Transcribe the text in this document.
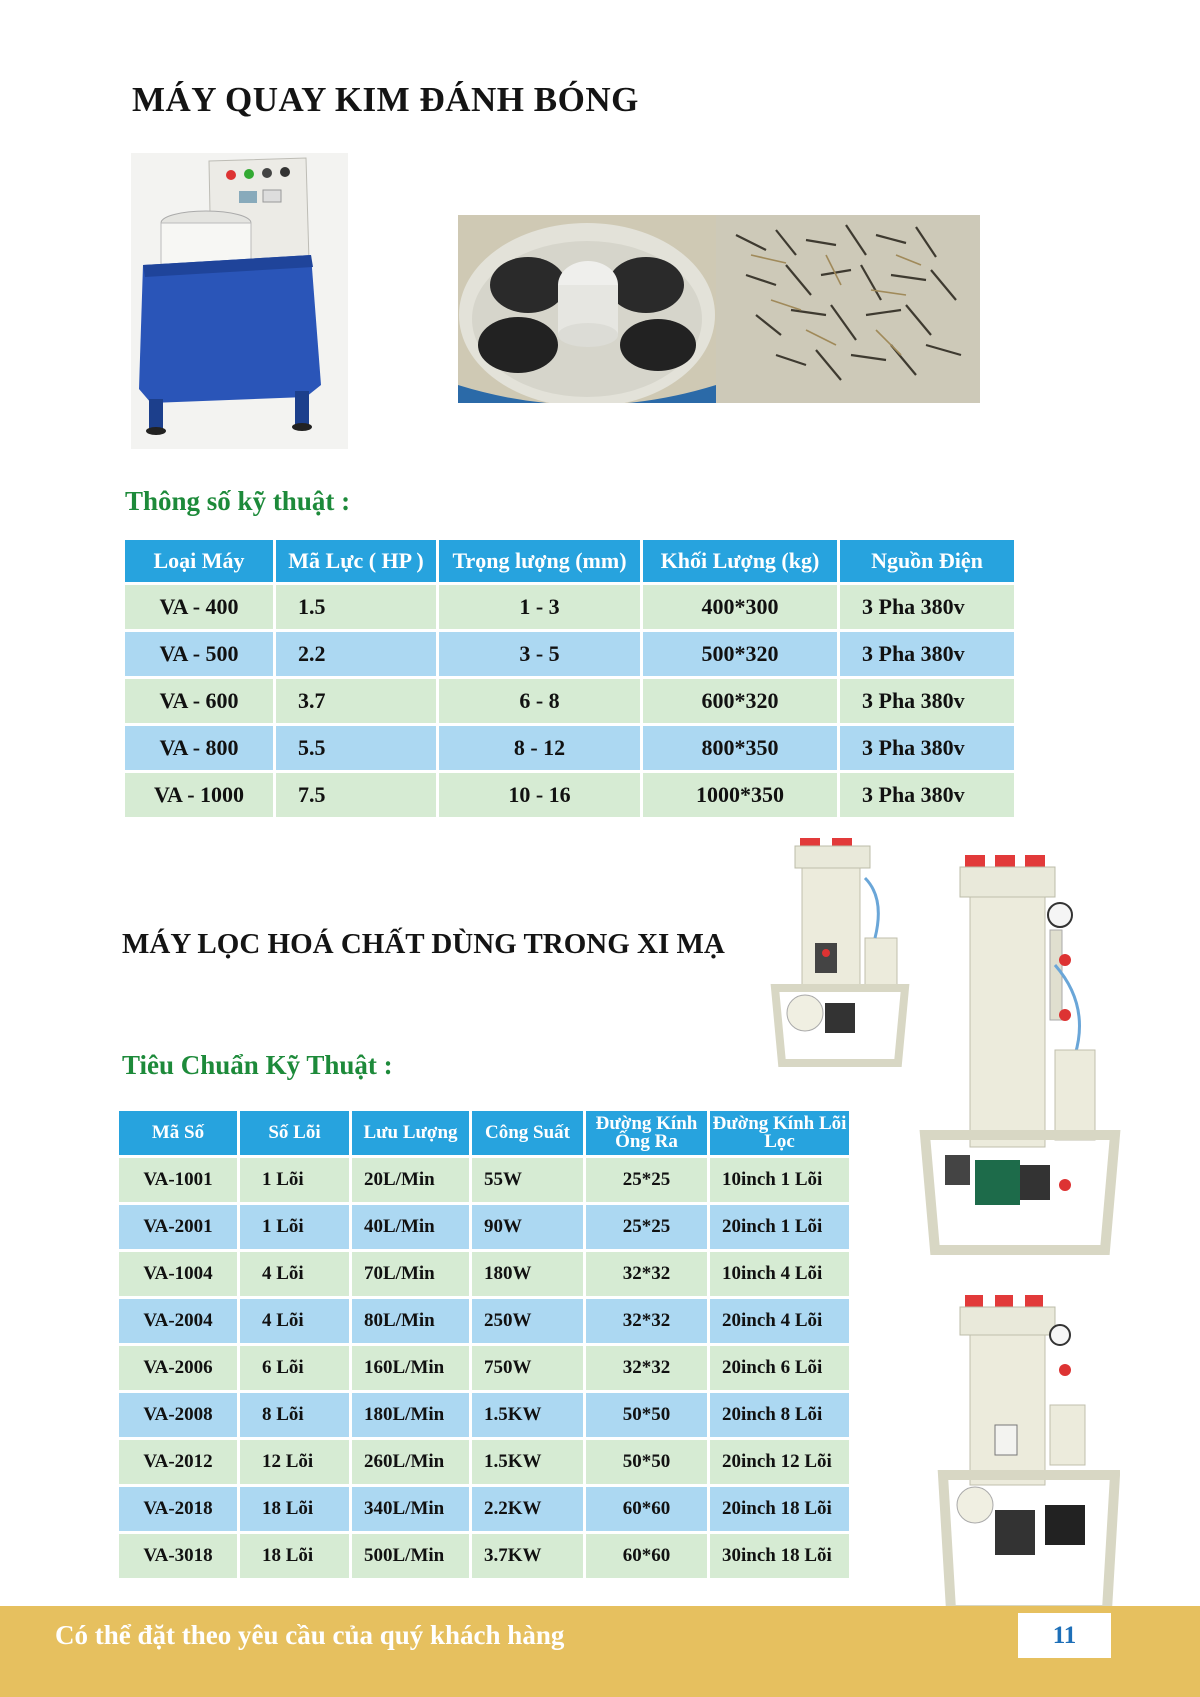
MÁY QUAY KIM ĐÁNH BÓNG
Thông số kỹ thuật :
Loại Máy	Mã Lực ( HP )	Trọng lượng (mm)	Khối Lượng (kg)	Nguồn Điện
VA - 400	1.5	1 - 3	400*300	3 Pha 380v
VA - 500	2.2	3 - 5	500*320	3 Pha 380v
VA - 600	3.7	6 - 8	600*320	3 Pha 380v
VA - 800	5.5	8 - 12	800*350	3 Pha 380v
VA - 1000	7.5	10 - 16	1000*350	3 Pha 380v
MÁY LỌC HOÁ CHẤT DÙNG TRONG XI MẠ
Tiêu Chuẩn Kỹ Thuật :
Mã Số	Số Lõi	Lưu Lượng	Công Suất	Đường Kính Ống Ra	Đường Kính Lõi Lọc
VA-1001	1 Lõi	20L/Min	55W	25*25	10inch 1 Lõi
VA-2001	1 Lõi	40L/Min	90W	25*25	20inch 1 Lõi
VA-1004	4 Lõi	70L/Min	180W	32*32	10inch 4 Lõi
VA-2004	4 Lõi	80L/Min	250W	32*32	20inch 4 Lõi
VA-2006	6 Lõi	160L/Min	750W	32*32	20inch 6 Lõi
VA-2008	8 Lõi	180L/Min	1.5KW	50*50	20inch 8 Lõi
VA-2012	12 Lõi	260L/Min	1.5KW	50*50	20inch 12 Lõi
VA-2018	18 Lõi	340L/Min	2.2KW	60*60	20inch 18 Lõi
VA-3018	18 Lõi	500L/Min	3.7KW	60*60	30inch 18 Lõi
Có thể đặt theo yêu cầu của quý khách hàng	11
